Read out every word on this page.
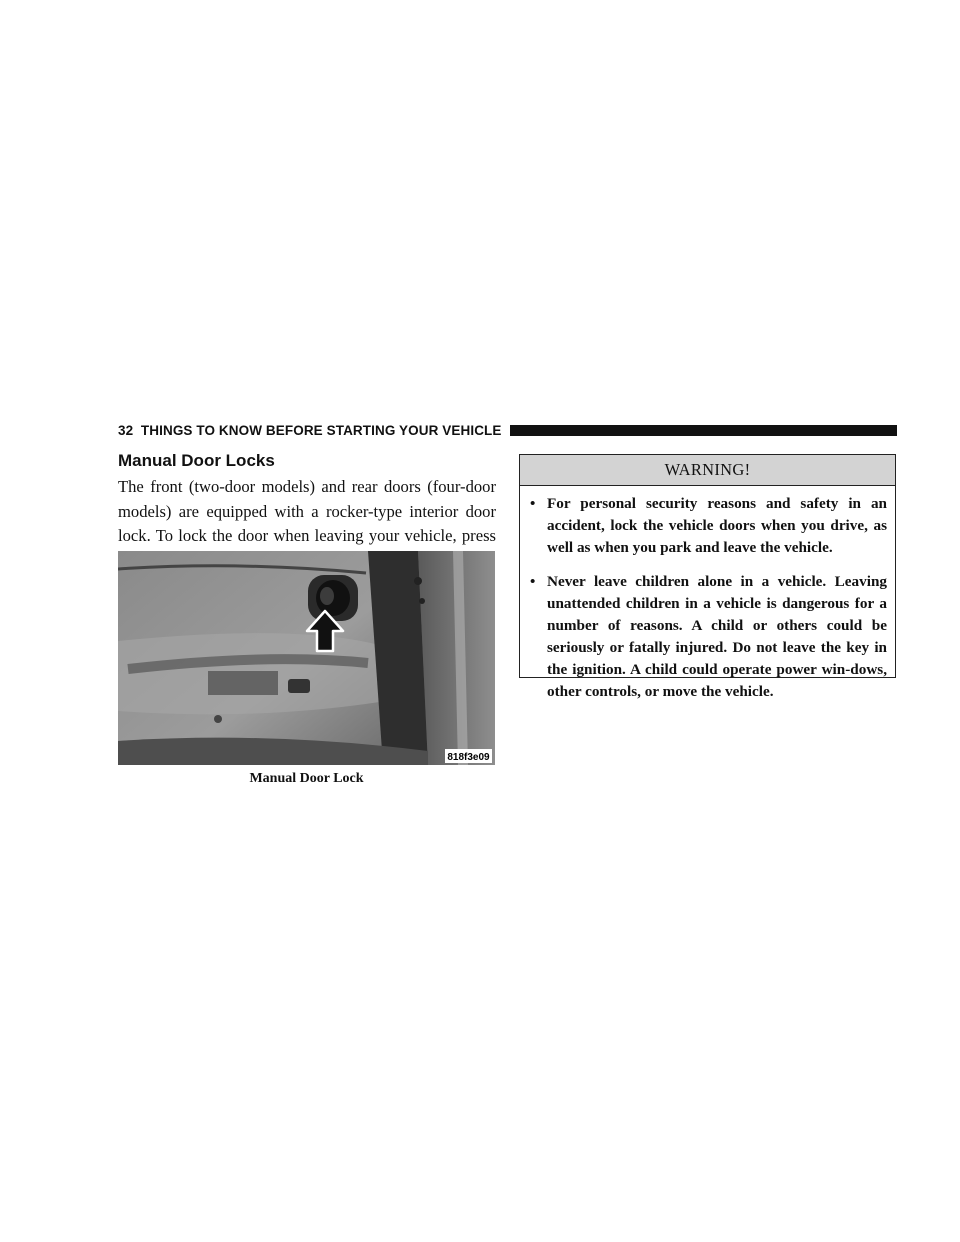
32 THINGS TO KNOW BEFORE STARTING YOUR VEHICLE
Manual Door Locks

The front (two-door models) and rear doors (four-door models) are equipped with a rocker-type interior door lock. To lock the door when leaving your vehicle, press

818f3e09
Manual Door Lock
WARNING!
• For personal security reasons and safety in an accident, lock the vehicle doors when you drive, as well as when you park and leave the vehicle.
• Never leave children alone in a vehicle. Leaving unattended children in a vehicle is dangerous for a number of reasons. A child or others could be seriously or fatally injured. Do not leave the key in the ignition. A child could operate power win-dows, other controls, or move the vehicle.
